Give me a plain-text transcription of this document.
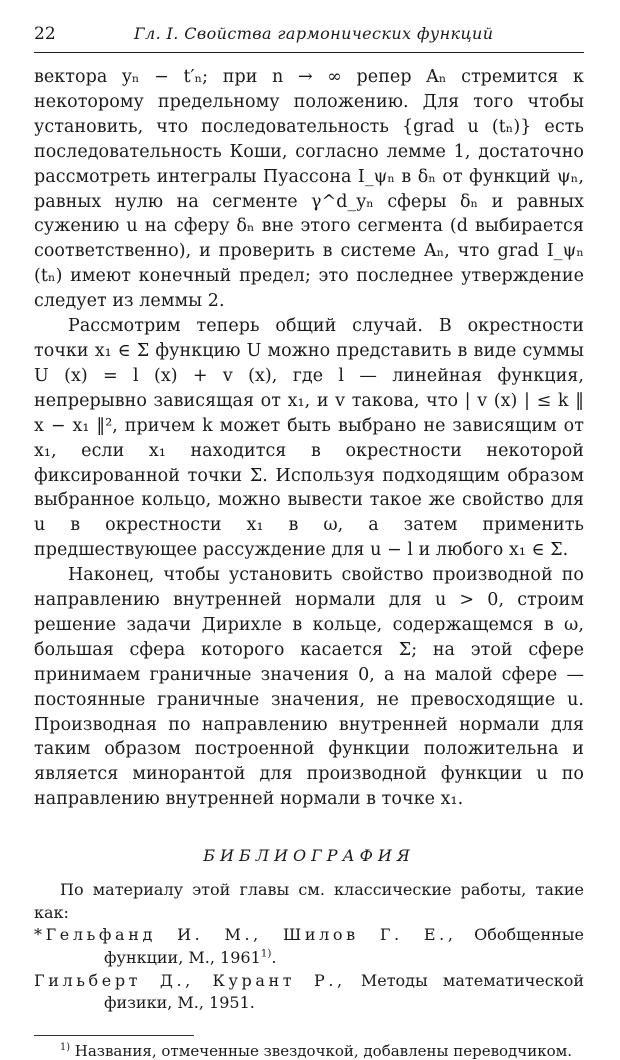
22	Гл. I. Свойства гармонических функций

вектора yₙ − t′ₙ; при n → ∞ репер Aₙ стремится к некоторому предельному положению. Для того чтобы установить, что последовательность {grad u (tₙ)} есть последовательность Коши, согласно лемме 1, достаточно рассмотреть интегралы Пуассона I_ψₙ в δₙ от функций ψₙ, равных нулю на сегменте γ^d_yₙ сферы δₙ и равных сужению u на сферу δₙ вне этого сегмента (d выбирается соответственно), и проверить в системе Aₙ, что grad I_ψₙ (tₙ) имеют конечный предел; это последнее утверждение следует из леммы 2.

Рассмотрим теперь общий случай. В окрестности точки x₁ ∈ Σ функцию U можно представить в виде суммы U (x) = l (x) + v (x), где l — линейная функция, непрерывно зависящая от x₁, и v такова, что | v (x) | ≤ k ‖ x − x₁ ‖², причем k может быть выбрано не зависящим от x₁, если x₁ находится в окрестности некоторой фиксированной точки Σ. Используя подходящим образом выбранное кольцо, можно вывести такое же свойство для u в окрестности x₁ в ω, а затем применить предшествующее рассуждение для u − l и любого x₁ ∈ Σ.

Наконец, чтобы установить свойство производной по направлению внутренней нормали для u > 0, строим решение задачи Дирихле в кольце, содержащемся в ω, большая сфера которого касается Σ; на этой сфере принимаем граничные значения 0, а на малой сфере — постоянные граничные значения, не превосходящие u. Производная по направлению внутренней нормали для таким образом построенной функции положительна и является минорантой для производной функции u по направлению внутренней нормали в точке x₁.

БИБЛИОГРАФИЯ

По материалу этой главы см. классические работы, такие как:

*Гельфанд И. М., Шилов Г. Е., Обобщенные функции, М., 1961$^{1)}$.

Гильберт Д., Курант Р., Методы математической физики, М., 1951.

$^{1)}$ Названия, отмеченные звездочкой, добавлены переводчиком.
